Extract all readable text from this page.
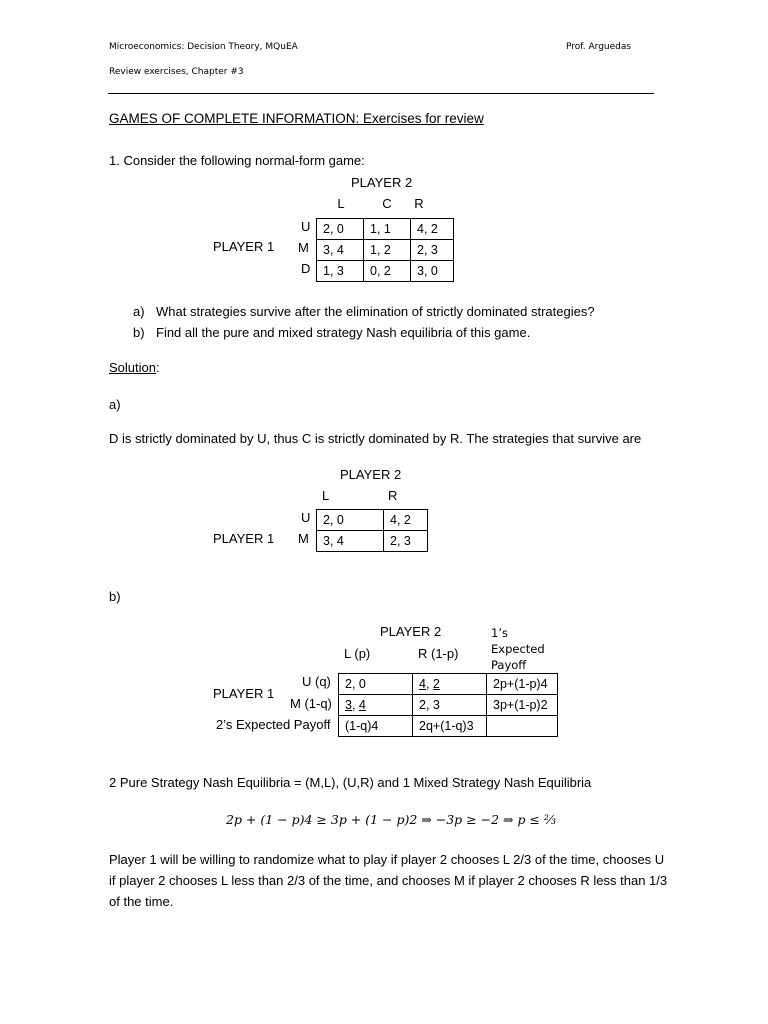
Microeconomics: Decision Theory, MQuEA	Prof. Arguedas
Review exercises, Chapter #3
GAMES OF COMPLETE INFORMATION: Exercises for review
1. Consider the following normal-form game:
PLAYER 2
L	C	R
U
M
D
PLAYER 1
2, 0	1, 1	4, 2
3, 4	1, 2	2, 3
1, 3	0, 2	3, 0
a) What strategies survive after the elimination of strictly dominated strategies?
b) Find all the pure and mixed strategy Nash equilibria of this game.
Solution:
a)
D is strictly dominated by U, thus C is strictly dominated by R. The strategies that survive are
PLAYER 2
L	R
U
M
PLAYER 1
2, 0	4, 2
3, 4	2, 3
b)
PLAYER 2
L (p)	R (1-p)
1’s
Expected
Payoff
U (q)
M (1-q)
PLAYER 1
2’s Expected Payoff
2, 0	4, 2	2p+(1-p)4
3, 4	2, 3	3p+(1-p)2
(1-q)4	2q+(1-q)3	
2 Pure Strategy Nash Equilibria = (M,L), (U,R) and 1 Mixed Strategy Nash Equilibria
2p + (1 − p)4 ≥ 3p + (1 − p)2 ⇒ −3p ≥ −2 ⇒ p ≤ ²⁄₃
Player 1 will be willing to randomize what to play if player 2 chooses L 2/3 of the time, chooses U if player 2 chooses L less than 2/3 of the time, and chooses M if player 2 chooses R less than 1/3 of the time.
